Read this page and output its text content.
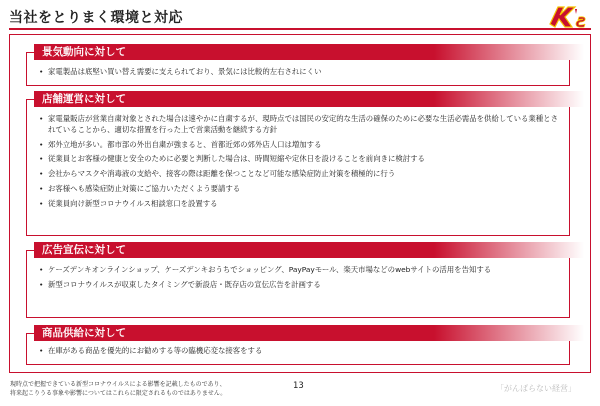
当社をとりまく環境と対応
• 家電製品は底堅い買い替え需要に支えられており、景気には比較的左右されにくい
景気動向に対して
• 家電量販店が営業自粛対象とされた場合は速やかに自粛するが、現時点では国民の安定的な生活の確保のために必要な生活必需品を供給している業種とされていることから、適切な措置を行った上で営業活動を継続する方針
• 郊外立地が多い。都市部の外出自粛が強まると、首都近郊の郊外店人口は増加する
• 従業員とお客様の健康と安全のために必要と判断した場合は、時間短縮や定休日を設けることを前向きに検討する
• 会社からマスクや消毒液の支給や、接客の際は距離を保つことなど可能な感染症防止対策を積極的に行う
• お客様へも感染症防止対策にご協力いただくよう要請する
• 従業員向け新型コロナウイルス相談窓口を設置する
店舗運営に対して
• ケーズデンキオンラインショップ、ケーズデンキおうちでショッピング、PayPayモール、楽天市場などのwebサイトの活用を告知する
• 新型コロナウイルスが収束したタイミングで新設店・既存店の宣伝広告を計画する
広告宣伝に対して
• 在庫がある商品を優先的にお勧めする等の臨機応変な接客をする
商品供給に対して
現時点で把握できている新型コロナウイルスによる影響を記載したものであり、
将来起こりうる事象や影響についてはこれらに限定されるものではありません。
13	「がんばらない経営」
